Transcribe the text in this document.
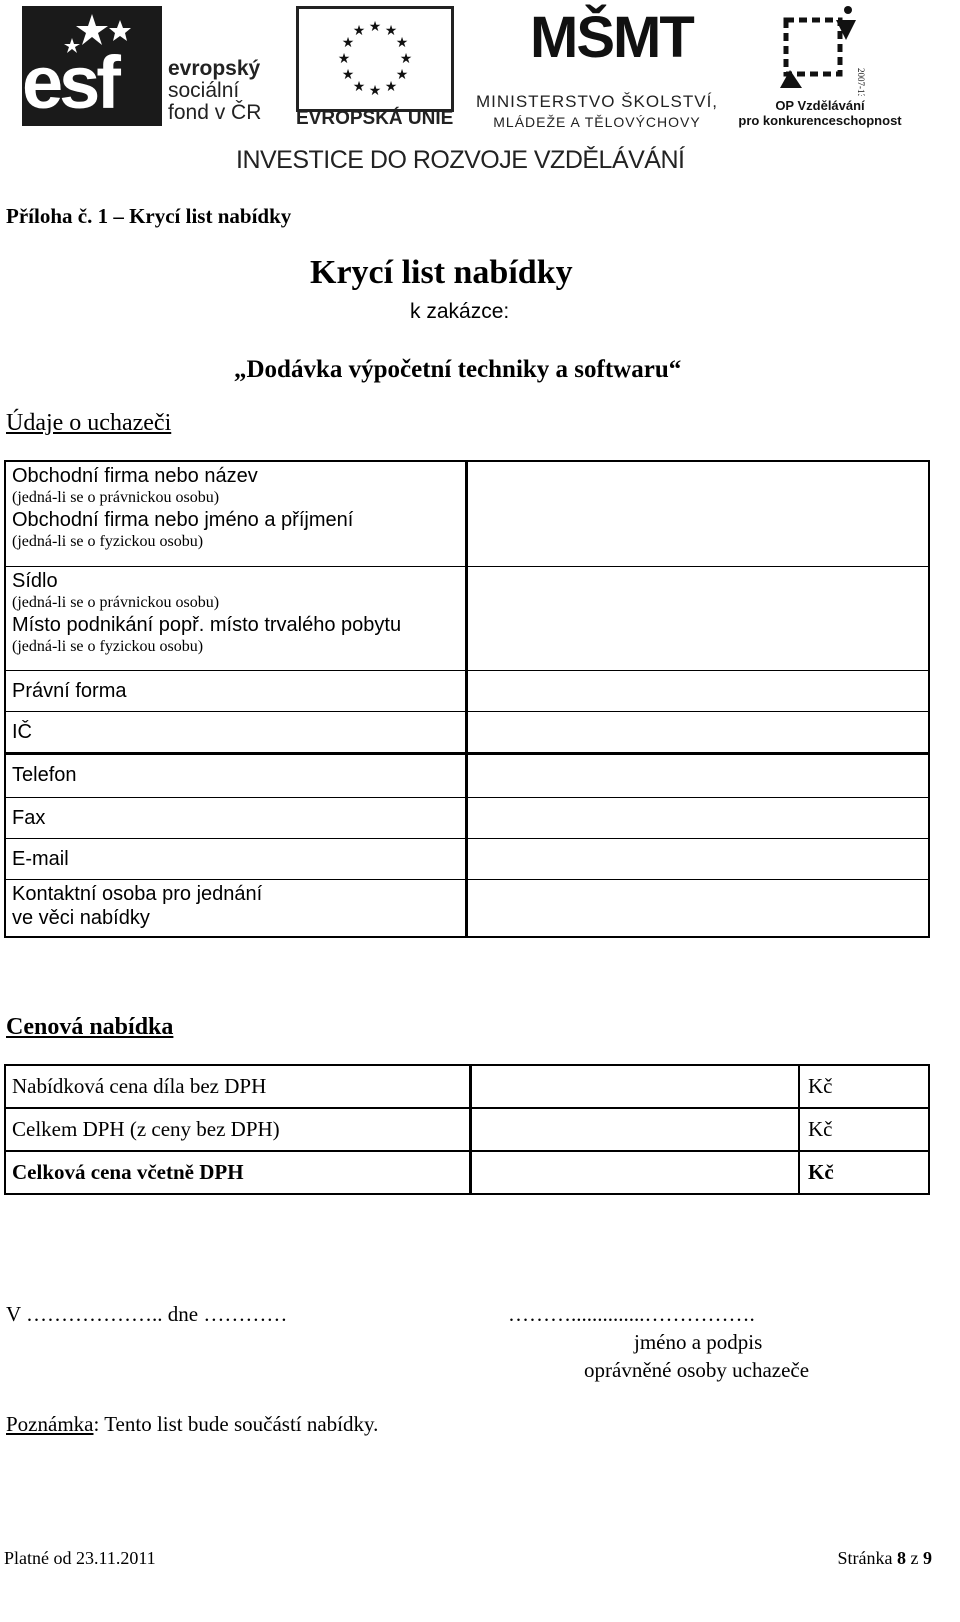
esf evropský
sociální
fond v ČR
★ ★
★
★
★
★
★
★
★
★
★
★
EVROPSKÁ UNIE
MŠMT
MINISTERSTVO ŠKOLSTVÍ,
MLÁDEŽE A TĚLOVÝCHOVY
2007-13
OP Vzdělávání
pro konkurenceschopnost
INVESTICE DO ROZVOJE VZDĚLÁVÁNÍ
Příloha č. 1 – Krycí list nabídky
Krycí list nabídky
k zakázce:
„Dodávka výpočetní techniky a softwaru“
Údaje o uchazeči
Obchodní firma nebo název
(jedná-li se o právnickou osobu)
Obchodní firma nebo jméno a příjmení
(jedná-li se o fyzickou osobu)
Sídlo
(jedná-li se o právnickou osobu)
Místo podnikání popř. místo trvalého pobytu
(jedná-li se o fyzickou osobu)
Právní forma
IČ
Telefon
Fax
E-mail
Kontaktní osoba pro jednání
ve věci nabídky
Cenová nabídka
Nabídková cena díla bez DPH	Kč
Celkem DPH (z ceny bez DPH)	Kč
Celková cena včetně DPH	Kč
V ……………….. dne …………	………..............…………….
jméno a podpis
oprávněné osoby uchazeče
Poznámka: Tento list bude součástí nabídky.
Platné od 23.11.2011	Stránka 8 z 9
